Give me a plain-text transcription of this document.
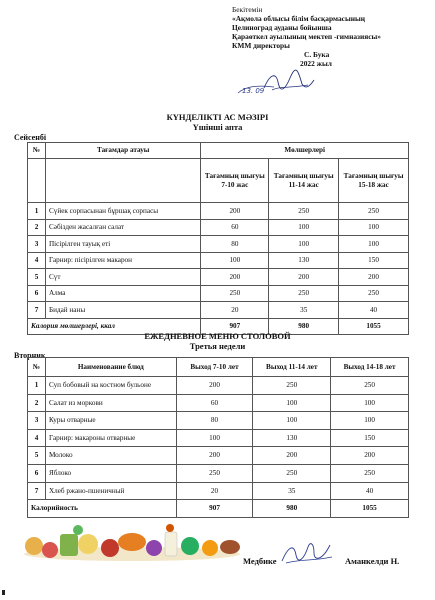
Бекітемін
«Ақмола облысы білім басқармасының
Целиноград ауданы бойынша
Қараөткел ауылының мектеп -гимназиясы»
КММ директоры
С. Бука
2022 жыл
13. 09
КҮНДЕЛІКТІ АС МӘЗІРІ
Үшінші апта
Сейсенбі
№	Тағамдар атауы	Мөлшерлері		
		Тағамның шығуы 7-10 жас	Тағамның шығуы 11-14 жас	Тағамның шығуы 15-18 жас
1	Сүйек сорпасынан бұршақ сорпасы	200	250	250
2	Сәбізден жасалған салат	60	100	100
3	Пісірілген тауық еті	80	100	100
4	Гарнир: пісірілген макарон	100	130	150
5	Сүт	200	200	200
6	Алма	250	250	250
7	Бидай наны	20	35	40
Калория мөлшерлері, ккал		907	980	1055
ЕЖЕДНЕВНОЕ МЕНЮ СТОЛОВОЙ
Третья недели
Вторник
№	Наименование блюд	Выход 7-10 лет	Выход 11-14 лет	Выход 14-18 лет
1	Суп бобовый на костном бульоне	200	250	250
2	Салат из моркови	60	100	100
3	Куры отварные	80	100	100
4	Гарнир: макароны отварные	100	130	150
5	Молоко	200	200	200
6	Яблоко	250	250	250
7	Хлеб ржано-пшеничный	20	35	40
Калорийность		907	980	1055
Медбике	Аманкелди Н.
